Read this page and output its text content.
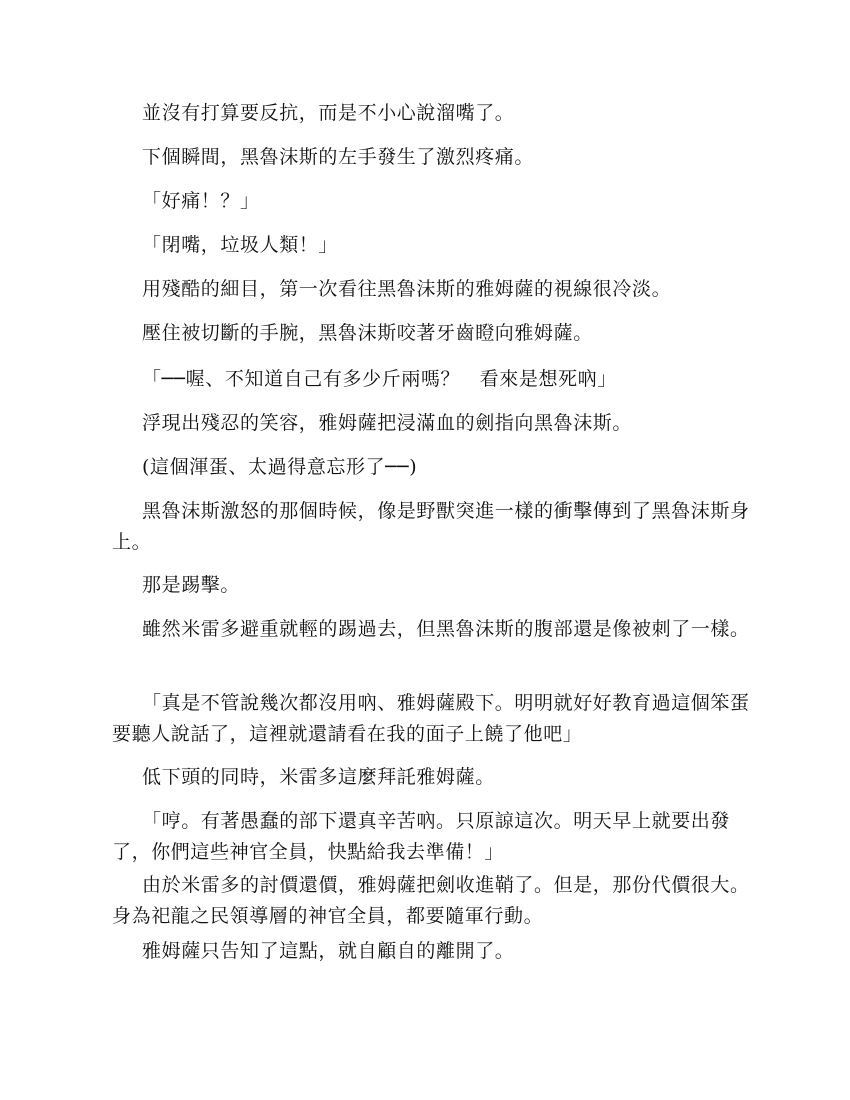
並沒有打算要反抗，而是不小心說溜嘴了。

下個瞬間，黑魯沫斯的左手發生了激烈疼痛。

「好痛！？」

「閉嘴，垃圾人類！」

用殘酷的細目，第一次看往黑魯沫斯的雅姆薩的視線很冷淡。

壓住被切斷的手腕，黑魯沫斯咬著牙齒瞪向雅姆薩。

「──喔、不知道自己有多少斤兩嗎？　看來是想死吶」

浮現出殘忍的笑容，雅姆薩把浸滿血的劍指向黑魯沫斯。

(這個渾蛋、太過得意忘形了──)

黑魯沫斯激怒的那個時候，像是野獸突進一樣的衝擊傳到了黑魯沫斯身上。

那是踢擊。

雖然米雷多避重就輕的踢過去，但黑魯沫斯的腹部還是像被刺了一樣。

「真是不管說幾次都沒用吶、雅姆薩殿下。明明就好好教育過這個笨蛋要聽人說話了，這裡就還請看在我的面子上饒了他吧」

低下頭的同時，米雷多這麼拜託雅姆薩。

「哼。有著愚蠢的部下還真辛苦吶。只原諒這次。明天早上就要出發了，你們這些神官全員，快點給我去準備！」

由於米雷多的討價還價，雅姆薩把劍收進鞘了。但是，那份代價很大。身為祀龍之民領導層的神官全員，都要隨軍行動。

雅姆薩只告知了這點，就自顧自的離開了。
